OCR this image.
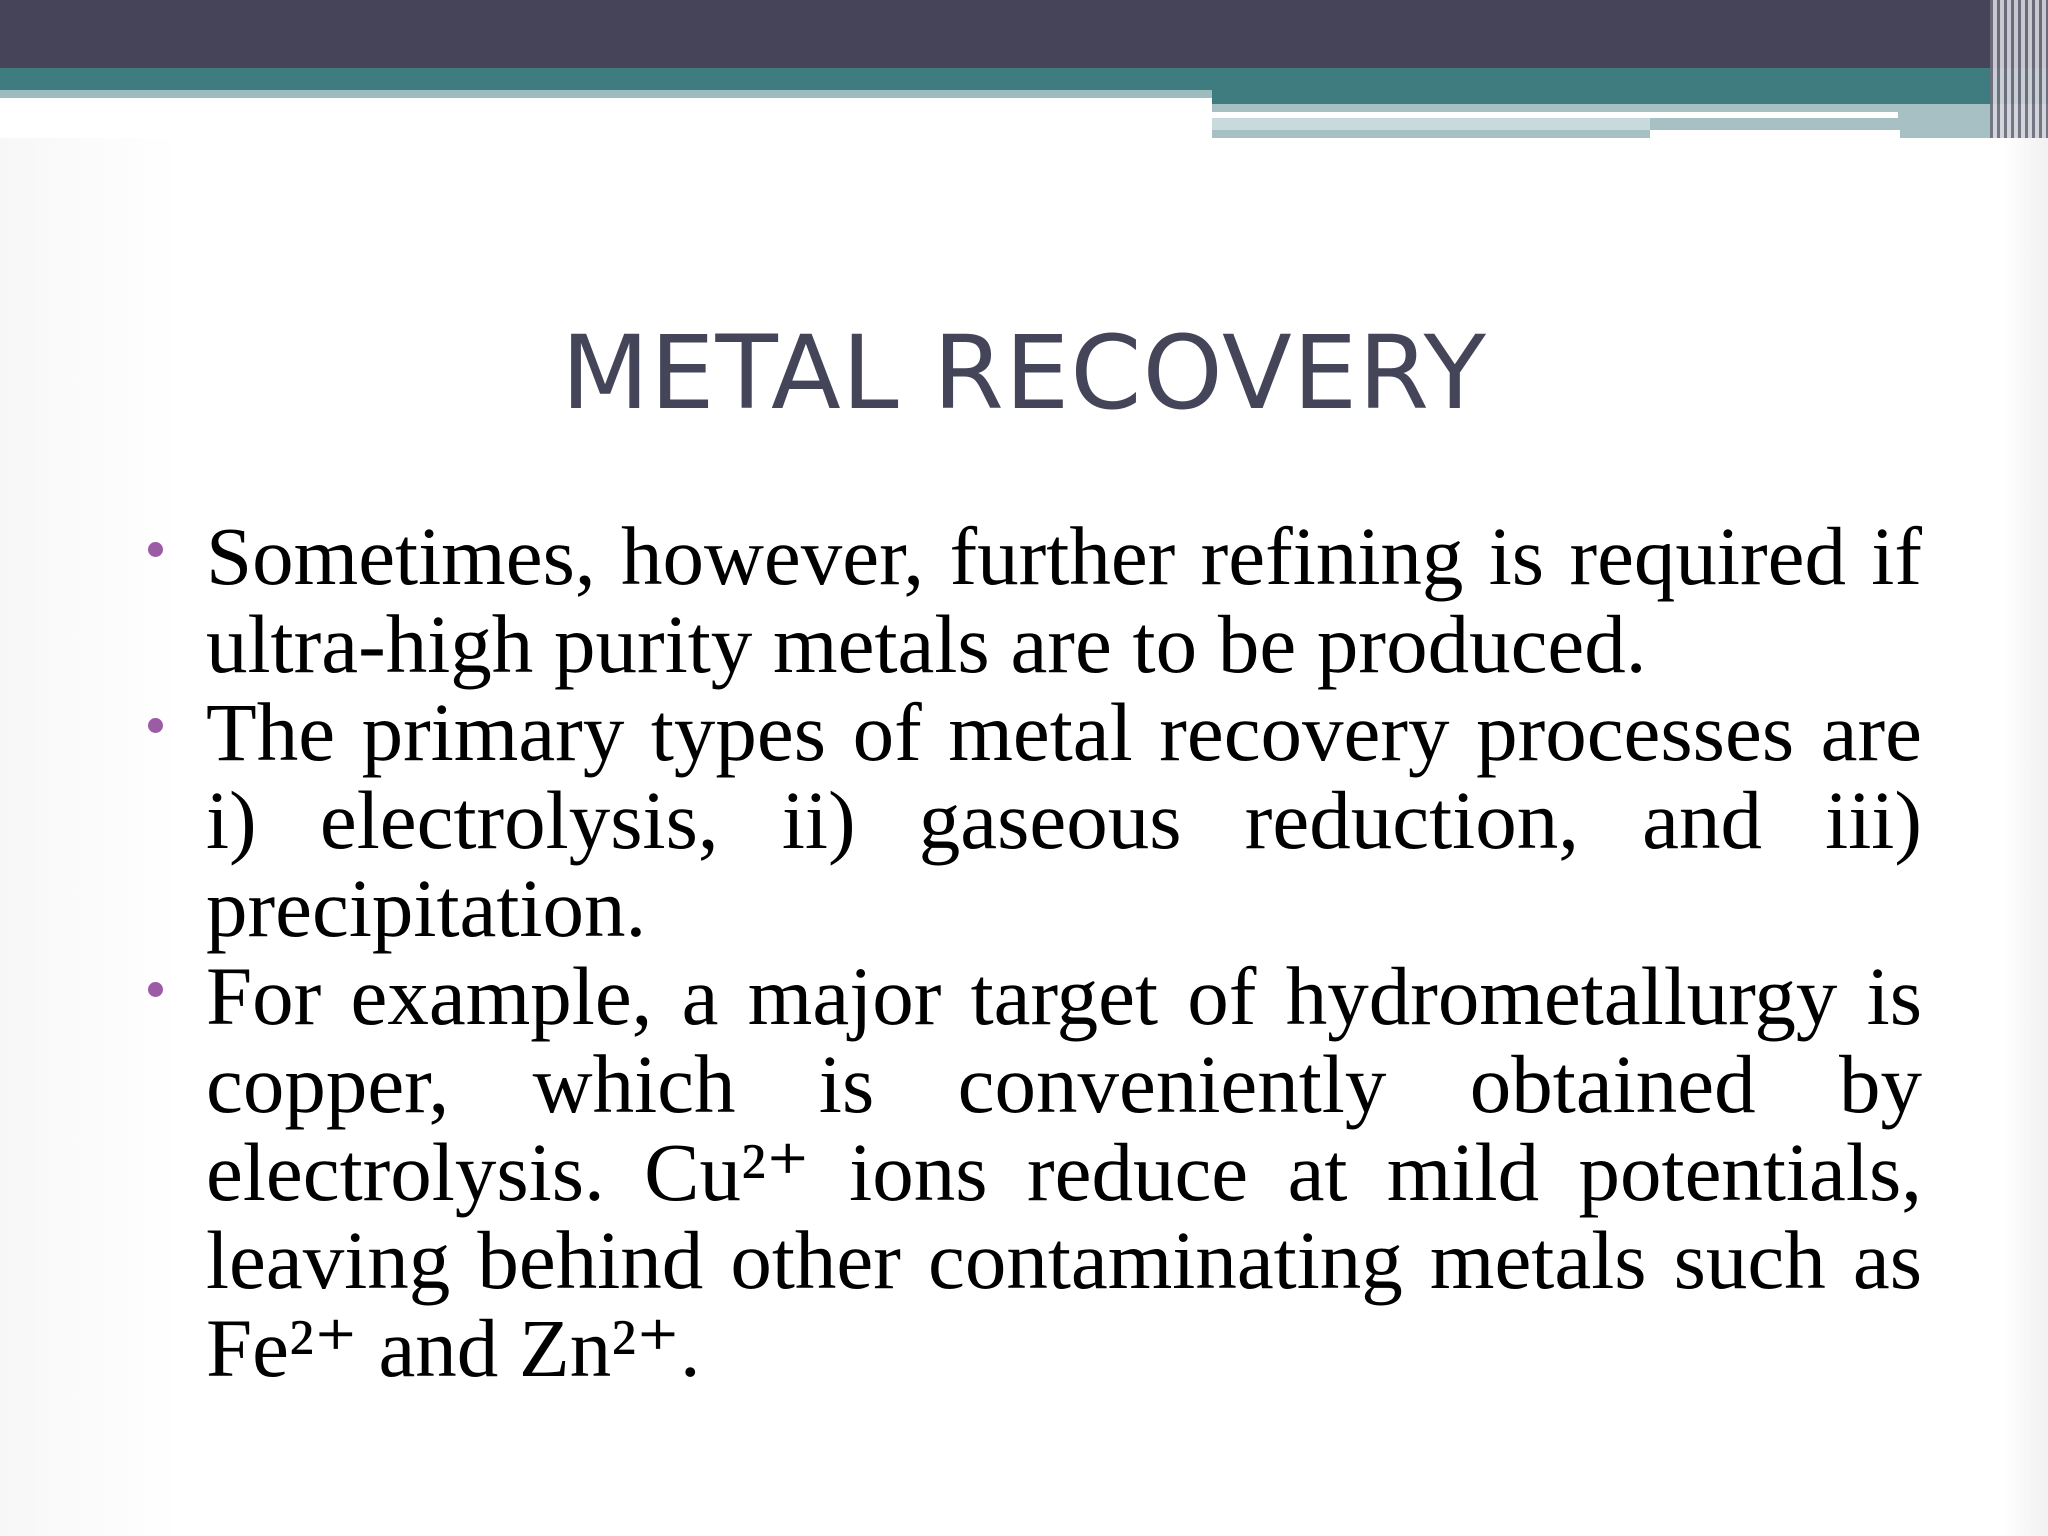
METAL RECOVERY
Sometimes, however, further refining is required if ultra-high purity metals are to be produced.
The primary types of metal recovery processes are i) electrolysis, ii) gaseous reduction, and iii) precipitation.
For example, a major target of hydrometallurgy is copper, which is conveniently obtained by electrolysis. Cu²⁺ ions reduce at mild potentials, leaving behind other contaminating metals such as Fe²⁺ and Zn²⁺.
